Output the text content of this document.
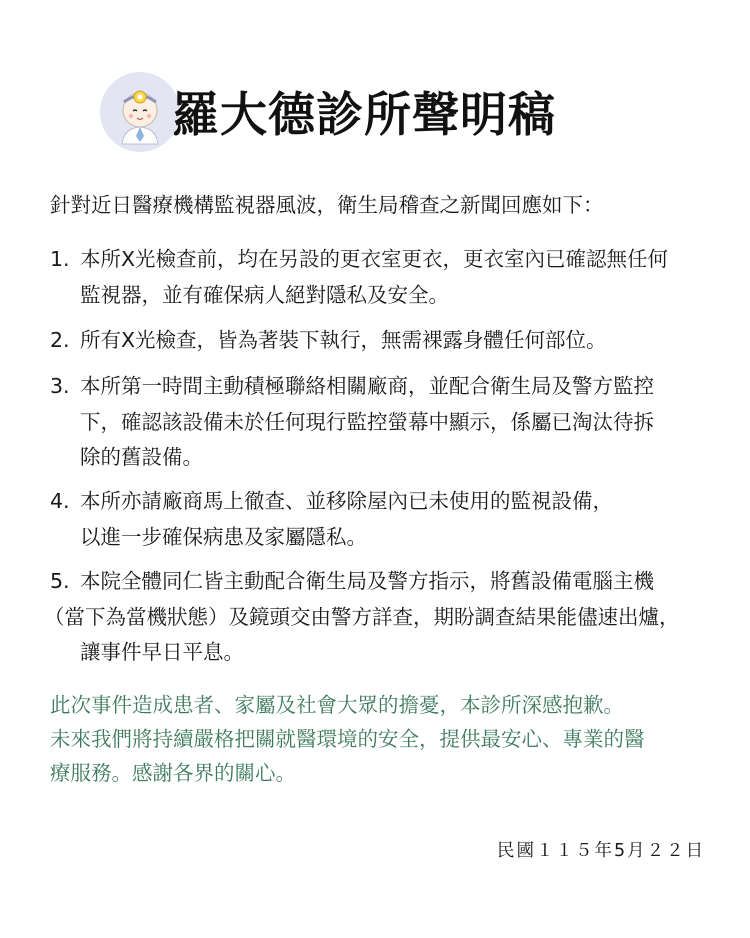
羅大德診所聲明稿

針對近日醫療機構監視器風波，衛生局稽查之新聞回應如下：

1. 本所X光檢查前，均在另設的更衣室更衣，更衣室內已確認無任何
監視器，並有確保病人絕對隱私及安全。
2. 所有X光檢查，皆為著裝下執行，無需裸露身體任何部位。
3. 本所第一時間主動積極聯絡相關廠商，並配合衛生局及警方監控
下，確認該設備未於任何現行監控螢幕中顯示，係屬已淘汰待拆
除的舊設備。
4. 本所亦請廠商馬上徹查、並移除屋內已未使用的監視設備，
以進一步確保病患及家屬隱私。
5. 本院全體同仁皆主動配合衛生局及警方指示，將舊設備電腦主機
（當下為當機狀態）及鏡頭交由警方詳查，期盼調查結果能儘速出爐，
讓事件早日平息。
此次事件造成患者、家屬及社會大眾的擔憂，本診所深感抱歉。
未來我們將持續嚴格把關就醫環境的安全，提供最安心、專業的醫
療服務。感謝各界的關心。
民國１１５年5月２２日
